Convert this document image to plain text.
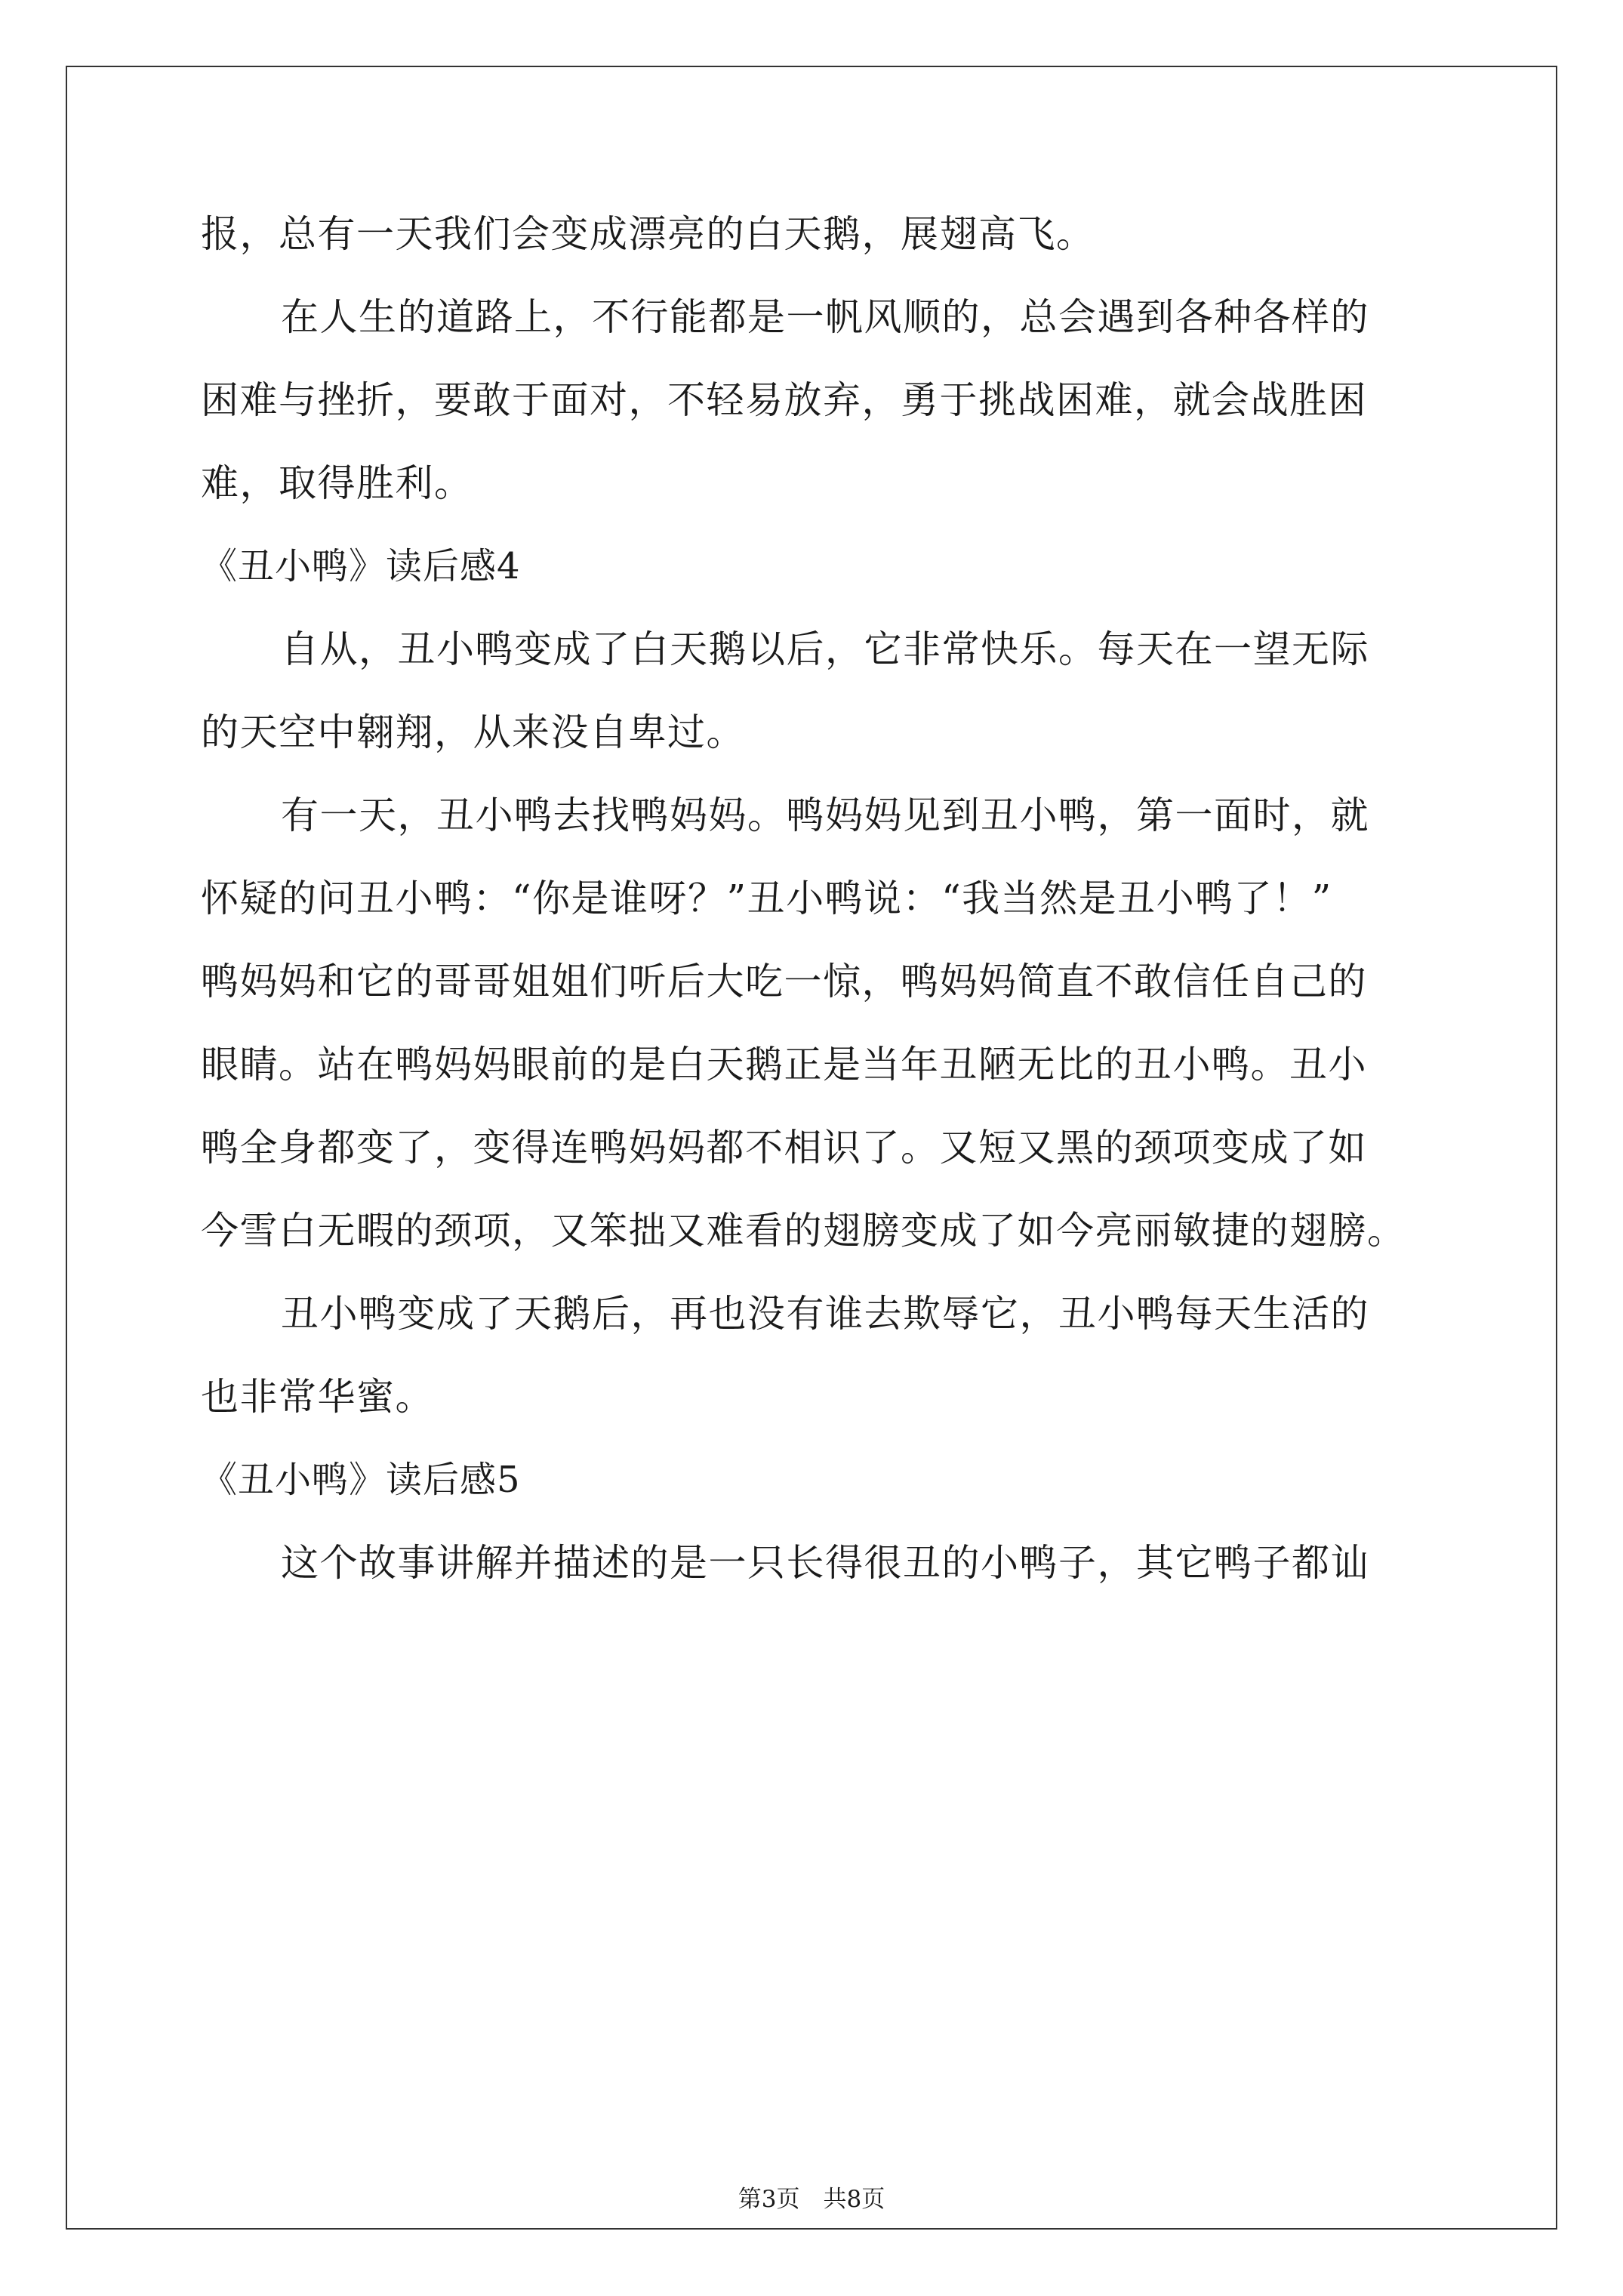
报，总有一天我们会变成漂亮的白天鹅，展翅高飞。
在人生的道路上，不行能都是一帆风顺的，总会遇到各种各样的
困难与挫折，要敢于面对，不轻易放弃，勇于挑战困难，就会战胜困
难，取得胜利。
《丑小鸭》读后感4
自从，丑小鸭变成了白天鹅以后，它非常快乐。每天在一望无际
的天空中翱翔，从来没自卑过。
有一天，丑小鸭去找鸭妈妈。鸭妈妈见到丑小鸭，第一面时，就
怀疑的问丑小鸭：“你是谁呀？”丑小鸭说：“我当然是丑小鸭了！”
鸭妈妈和它的哥哥姐姐们听后大吃一惊，鸭妈妈简直不敢信任自己的
眼睛。站在鸭妈妈眼前的是白天鹅正是当年丑陋无比的丑小鸭。丑小
鸭全身都变了，变得连鸭妈妈都不相识了。又短又黑的颈项变成了如
今雪白无暇的颈项，又笨拙又难看的翅膀变成了如今亮丽敏捷的翅膀。
丑小鸭变成了天鹅后，再也没有谁去欺辱它，丑小鸭每天生活的
也非常华蜜。
《丑小鸭》读后感5
这个故事讲解并描述的是一只长得很丑的小鸭子，其它鸭子都讪
第3页　共8页
